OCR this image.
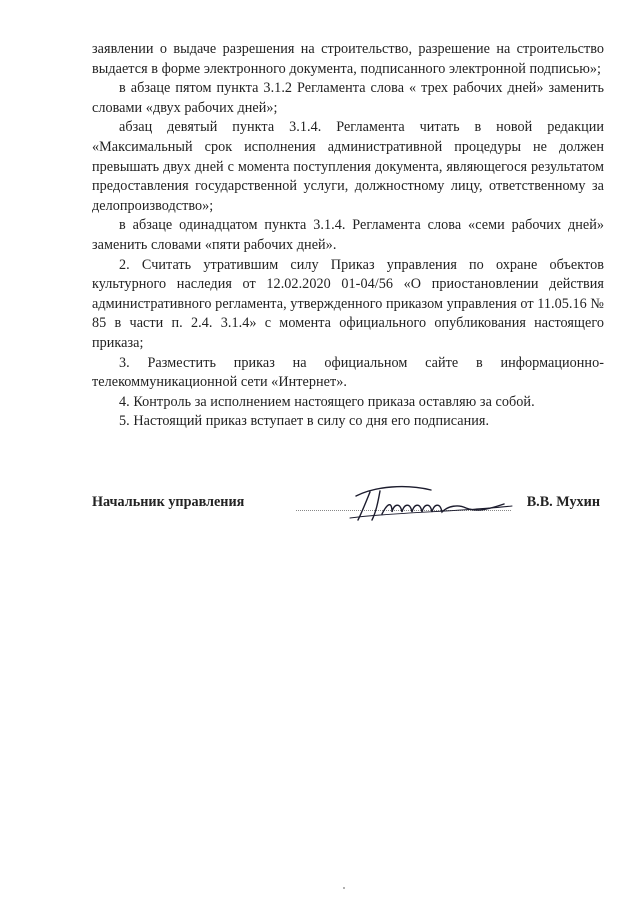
заявлении о выдаче разрешения на строительство, разрешение на строительство выдается в форме электронного документа, подписанного электронной подписью»;

в абзаце пятом пункта 3.1.2 Регламента слова « трех рабочих дней» заменить словами «двух рабочих дней»;

абзац девятый пункта 3.1.4. Регламента читать в новой редакции «Максимальный срок исполнения административной процедуры не должен превышать двух дней с момента поступления документа, являющегося результатом предоставления государственной услуги, должностному лицу, ответственному за делопроизводство»;

в абзаце одинадцатом пункта 3.1.4. Регламента слова «семи рабочих дней» заменить словами «пяти рабочих дней».

2. Считать утратившим силу Приказ управления по охране объектов культурного наследия от 12.02.2020 01-04/56 «О приостановлении действия административного регламента, утвержденного приказом управления от 11.05.16 № 85 в части п. 2.4. 3.1.4» с момента официального опубликования настоящего приказа;

3. Разместить приказ на официальном сайте в информационно-телекоммуникационной сети «Интернет».

4. Контроль за исполнением настоящего приказа оставляю за собой.

5. Настоящий приказ вступает в силу со дня его подписания.

Начальник управления	В.В. Мухин
